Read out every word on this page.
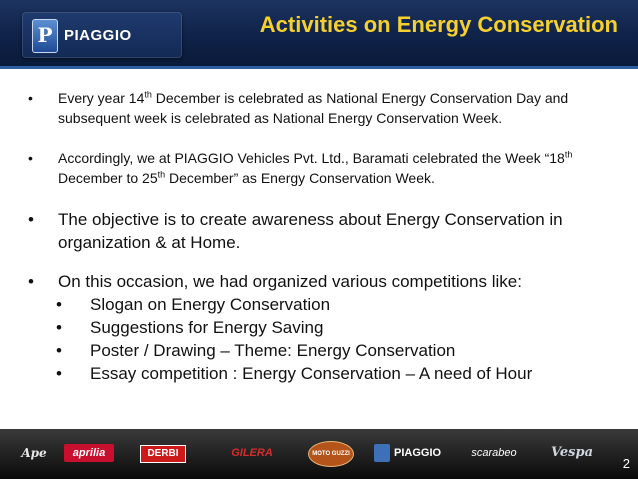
P PIAGGIO	Activities on Energy Conservation
• Every year 14th December is celebrated as National Energy Conservation Day and subsequent week is celebrated as National Energy Conservation Week.
• Accordingly, we at PIAGGIO Vehicles Pvt. Ltd., Baramati celebrated the Week “18th December to 25th December” as Energy Conservation Week.
• The objective is to create awareness about Energy Conservation in organization & at Home.
• On this occasion, we had organized various competitions like:
• Slogan on Energy Conservation
• Suggestions for Energy Saving
• Poster / Drawing – Theme: Energy Conservation
• Essay competition : Energy Conservation – A need of Hour
Ape	aprilia	DERBI	GILERA	MOTO GUZZI	PIAGGIO	scarabeo	Vespa
2
